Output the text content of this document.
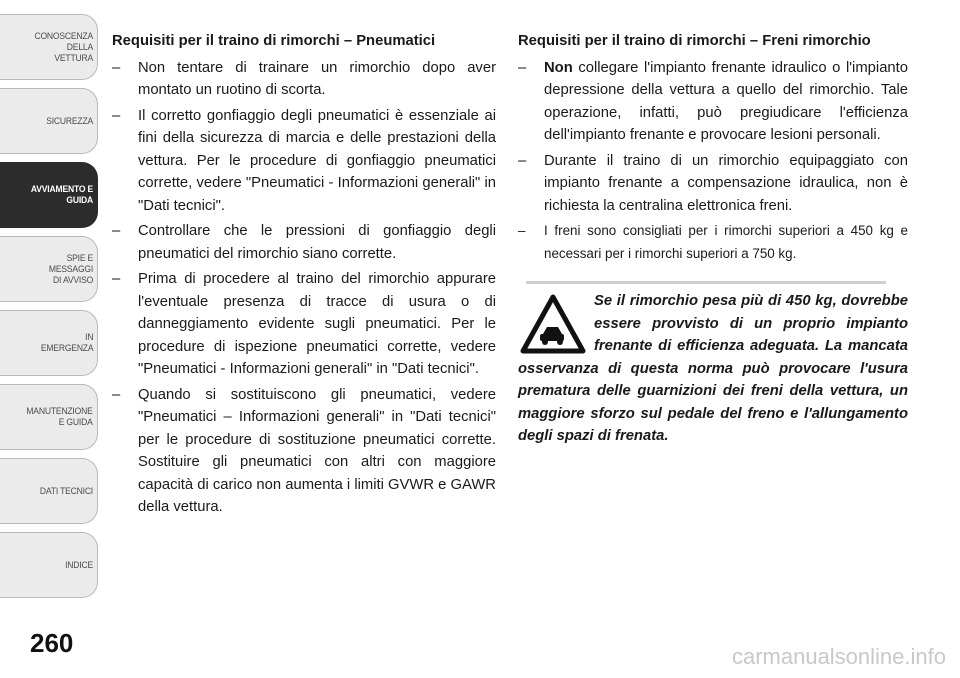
CONOSCENZA DELLA
VETTURA
SICUREZZA
AVVIAMENTO E
GUIDA
SPIE E
MESSAGGI
DI AVVISO
IN
EMERGENZA
MANUTENZIONE
E GUIDA
DATI TECNICI
INDICE
260

Requisiti per il traino di rimorchi – Pneumatici

– Non tentare di trainare un rimorchio dopo aver montato un ruotino di scorta.

– Il corretto gonfiaggio degli pneumatici è essenziale ai fini della sicurezza di marcia e delle prestazioni della vettura. Per le procedure di gonfiaggio pneumatici corrette, vedere "Pneumatici - Informazioni generali" in "Dati tecnici".

– Controllare che le pressioni di gonfiaggio degli pneumatici del rimorchio siano corrette.

– Prima di procedere al traino del rimorchio appurare l'eventuale presenza di tracce di usura o di danneggiamento evidente sugli pneumatici. Per le procedure di ispezione pneumatici corrette, vedere "Pneumatici - Informazioni generali" in "Dati tecnici".

– Quando si sostituiscono gli pneumatici, vedere "Pneumatici – Informazioni generali" in "Dati tecnici" per le procedure di sostituzione pneumatici corrette. Sostituire gli pneumatici con altri con maggiore capacità di carico non aumenta i limiti GVWR e GAWR della vettura.

Requisiti per il traino di rimorchi – Freni rimorchio

– Non collegare l'impianto frenante idraulico o l'impianto depressione della vettura a quello del rimorchio. Tale operazione, infatti, può pregiudicare l'efficienza dell'impianto frenante e provocare lesioni personali.

– Durante il traino di un rimorchio equipaggiato con impianto frenante a compensazione idraulica, non è richiesta la centralina elettronica freni.

– I freni sono consigliati per i rimorchi superiori a 450 kg e necessari per i rimorchi superiori a 750 kg.

Se il rimorchio pesa più di 450 kg, dovrebbe essere provvisto di un proprio impianto frenante di efficienza adeguata. La mancata osservanza di questa norma può provocare l'usura prematura delle guarnizioni dei freni della vettura, un maggiore sforzo sul pedale del freno e l'allungamento degli spazi di frenata.
carmanualsonline.info
